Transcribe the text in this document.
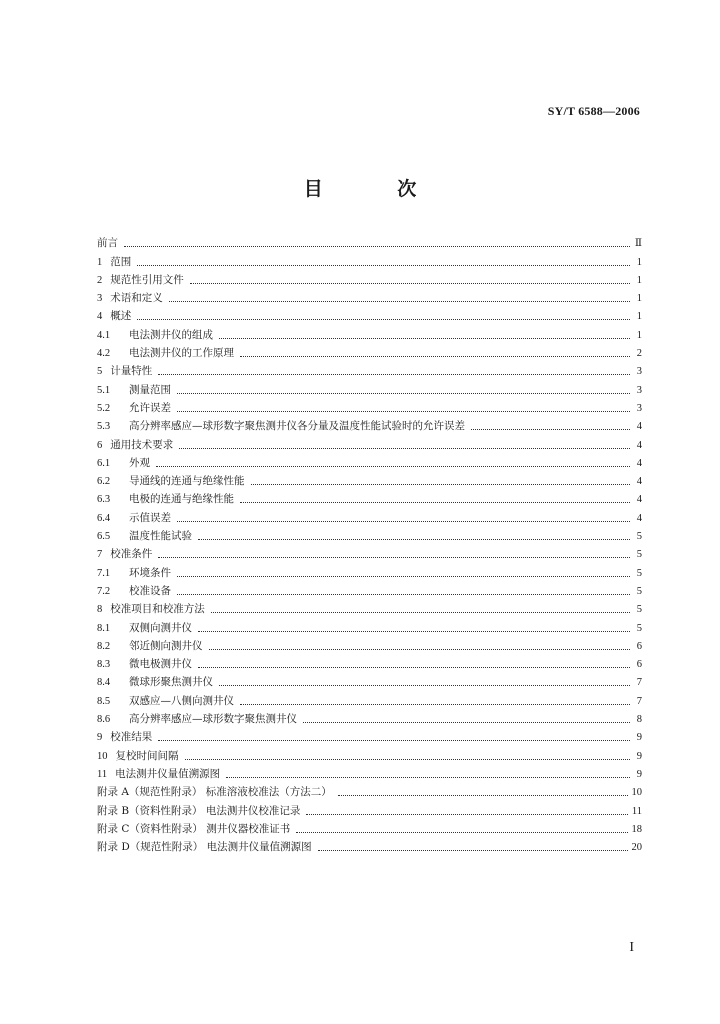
SY/T 6588—2006
目 次
前言	Ⅱ
1 范围	1
2 规范性引用文件	1
3 术语和定义	1
4 概述	1
4.1	电法测井仪的组成	1
4.2	电法测井仪的工作原理	2
5 计量特性	3
5.1	测量范围	3
5.2	允许误差	3
5.3	高分辨率感应—球形数字聚焦测井仪各分量及温度性能试验时的允许误差	4
6 通用技术要求	4
6.1	外观	4
6.2	导通线的连通与绝缘性能	4
6.3	电极的连通与绝缘性能	4
6.4	示值误差	4
6.5	温度性能试验	5
7 校准条件	5
7.1	环境条件	5
7.2	校准设备	5
8 校准项目和校准方法	5
8.1	双侧向测井仪	5
8.2	邻近侧向测井仪	6
8.3	微电极测井仪	6
8.4	微球形聚焦测井仪	7
8.5	双感应—八侧向测井仪	7
8.6	高分辨率感应—球形数字聚焦测井仪	8
9 校准结果	9
10 复校时间间隔	9
11 电法测井仪量值溯源图	9
附录 A（规范性附录） 标准溶液校准法（方法二）	10
附录 B（资料性附录） 电法测井仪校准记录	11
附录 C（资料性附录） 测井仪器校准证书	18
附录 D（规范性附录） 电法测井仪量值溯源图	20
I
